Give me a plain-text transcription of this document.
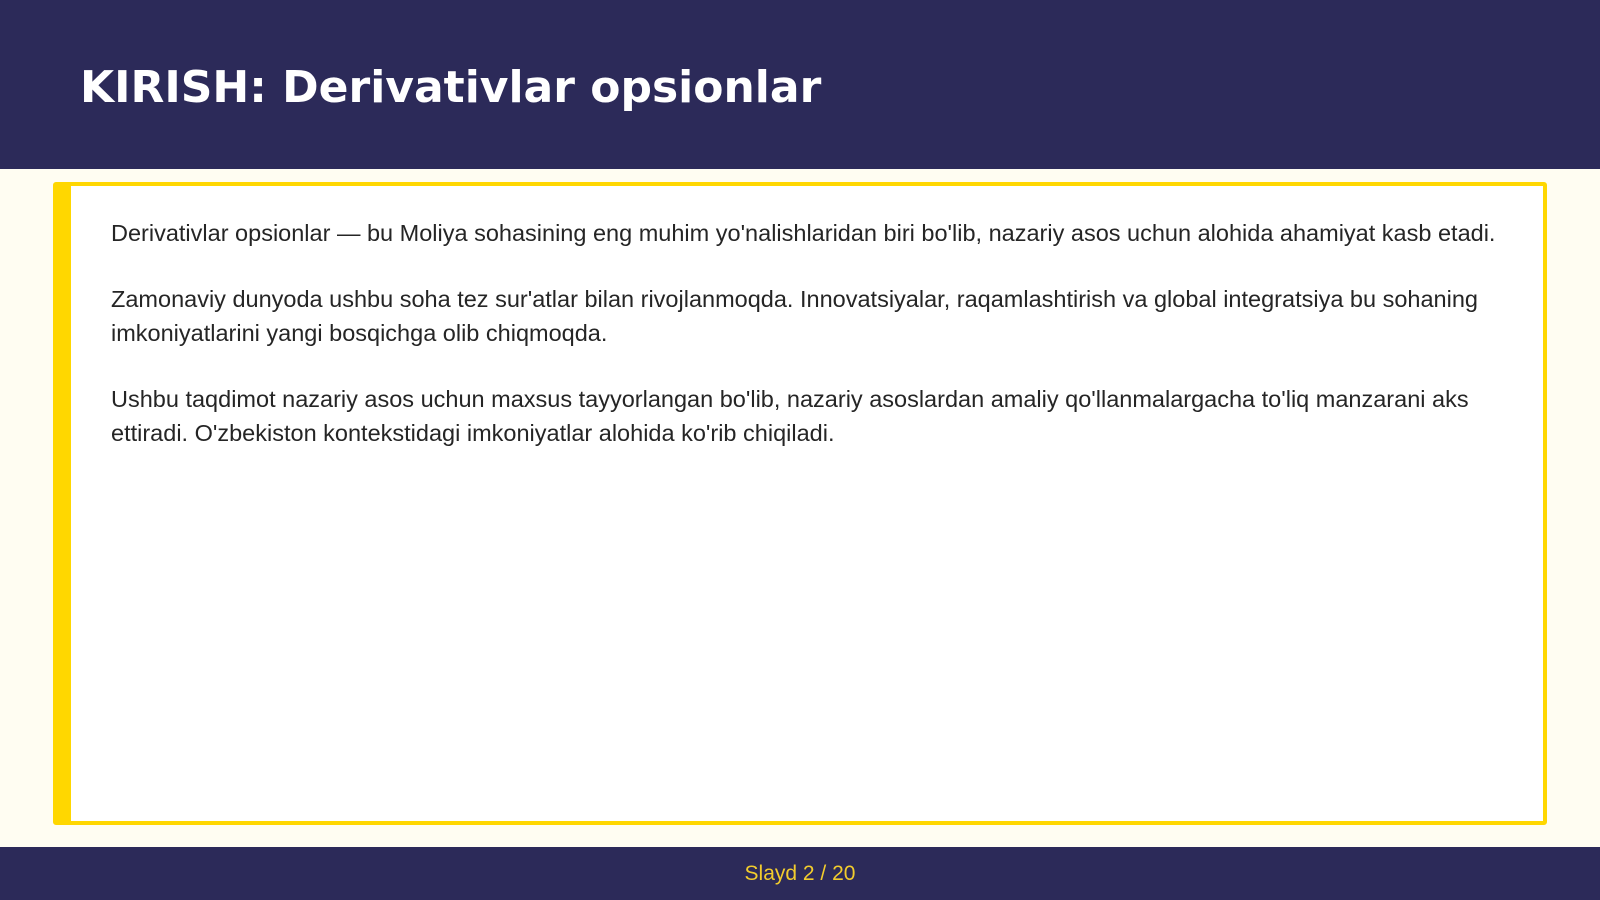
KIRISH: Derivativlar opsionlar

Derivativlar opsionlar — bu Moliya sohasining eng muhim yo'nalishlaridan biri bo'lib, nazariy asos uchun alohida ahamiyat kasb etadi.

Zamonaviy dunyoda ushbu soha tez sur'atlar bilan rivojlanmoqda. Innovatsiyalar, raqamlashtirish va global integratsiya bu sohaning imkoniyatlarini yangi bosqichga olib chiqmoqda.

Ushbu taqdimot nazariy asos uchun maxsus tayyorlangan bo'lib, nazariy asoslardan amaliy qo'llanmalargacha to'liq manzarani aks ettiradi. O'zbekiston kontekstidagi imkoniyatlar alohida ko'rib chiqiladi.

Slayd 2 / 20
